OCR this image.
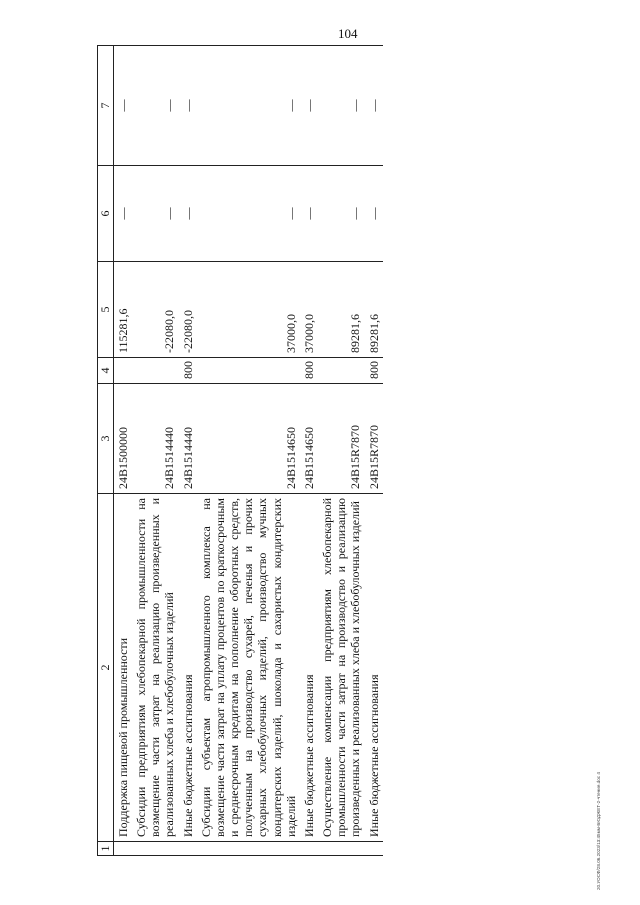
104
1	2	3	4	5	6	7
	Поддержка пищевой промышленности	24В1500000		115281,6	—	—
	Субсидии предприятиям хлебопекарной промышленности на возмещение части затрат на реализацию произведенных и реализованных хлеба и хлебобулочных изделий	24В1514440		-22080,0	—	—
	Иные бюджетные ассигнования	24В1514440	800	-22080,0	—	—
	Субсидии субъектам агропромышленного комплекса на возмещение части затрат на уплату процентов по краткосрочным и среднесрочным кредитам на пополнение оборотных средств, полученным на производство сухарей, печенья и прочих сухарных хлебобулочных изделий, производство мучных кондитерских изделий, шоколада и сахаристых кондитерских изделий	24В1514650		37000,0	—	—
	Иные бюджетные ассигнования	24В1514650	800	37000,0	—	—
	Осуществление компенсации предприятиям хлебопекарной промышленности части затрат на производство и реализацию произведенных и реализованных хлеба и хлебобулочных изделий	24В15R7870		89281,6	—	—
	Иные бюджетные ассигнования	24В15R7870	800	89281,6	—	—
20.УОСФ/28.06.2023/13:45мм-БЮДЖЕТ-2-чтение.doc 4
